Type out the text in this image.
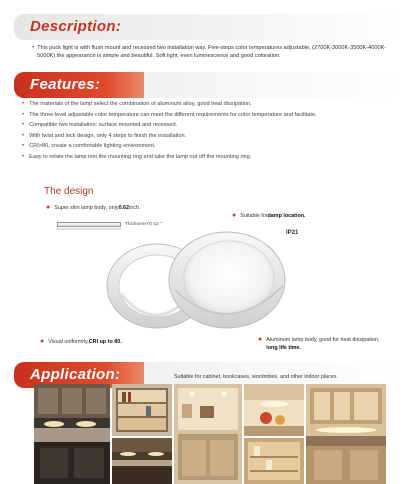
Description:
• This puck light is with flush mount and recessed two installation way. Five-steps color temperatures adjustable, (2700K-3000K-3500K-4000K-5000K) the appearance is simple and beautiful. Soft light, even luminescence and good coloration.
Features:
• The materials of the lamp select the combination of aluminum alloy, good heat dissipation.
• The three-level adjustable color temperature can meet the different requirements for color temperature and facilitate.
• Compatible two installation: surface mounted and recessed.
• With twist and lock design, only 4 steps to finish the installation.
• CRI>80, create a comfortable lighting environment.
• Easy to rotate the lamp into the mounting ring and take the lamp out off the mounting ring.
The design
● Super slim lamp body, only 0.62 inch.
Thickness<0.62 "
● Suitable for damp location.
IP21
● Visual uniformity, CRI up to 80.	● Aluminum lamp body, good for heat dissipation,
long life time.
Application:	Suitable for cabinet, bookcases, wordrobes, and other indoor places.
